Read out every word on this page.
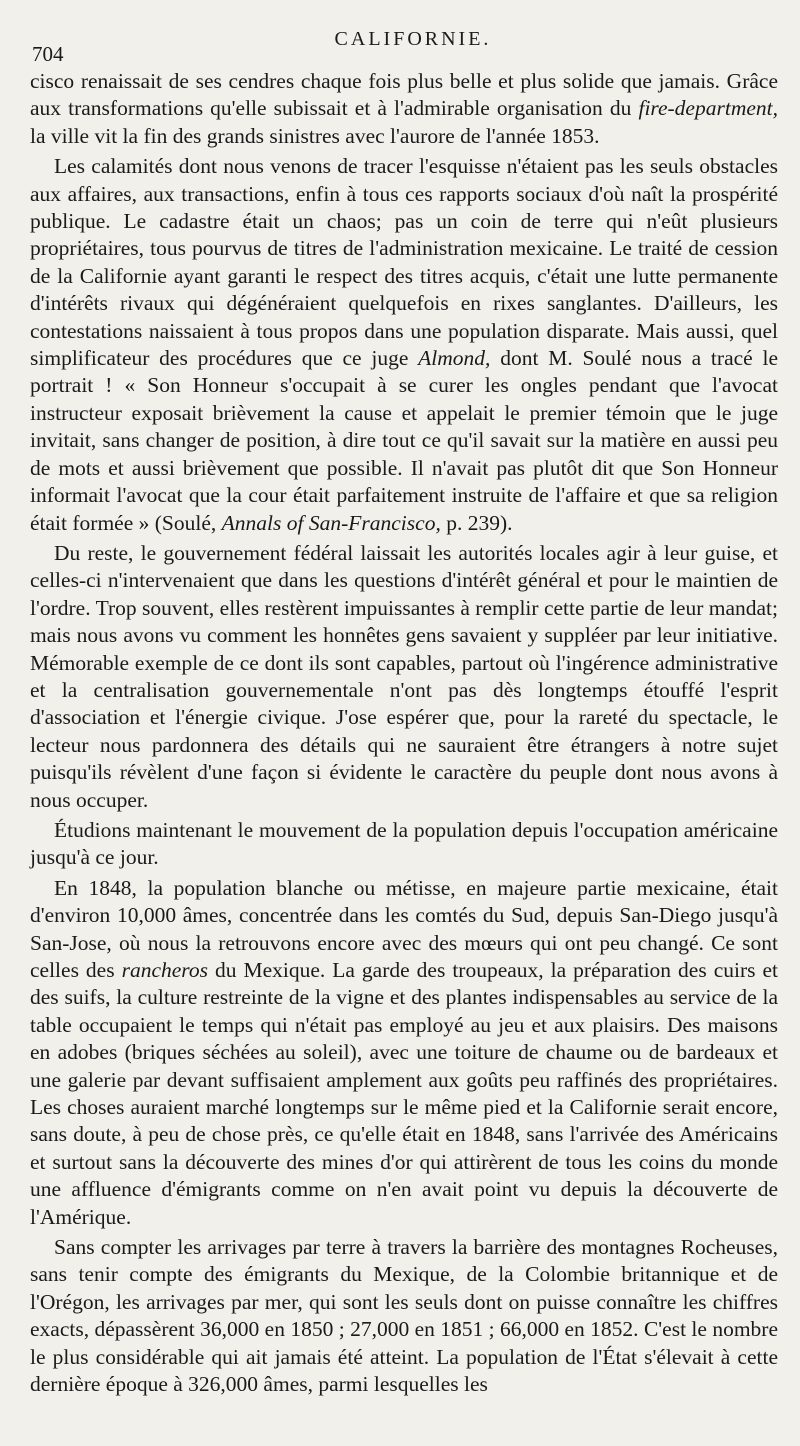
704
CALIFORNIE.

cisco renaissait de ses cendres chaque fois plus belle et plus solide que jamais. Grâce aux transformations qu'elle subissait et à l'admirable organisation du fire-department, la ville vit la fin des grands sinistres avec l'aurore de l'année 1853.

Les calamités dont nous venons de tracer l'esquisse n'étaient pas les seuls obstacles aux affaires, aux transactions, enfin à tous ces rapports sociaux d'où naît la prospérité publique. Le cadastre était un chaos; pas un coin de terre qui n'eût plusieurs propriétaires, tous pourvus de titres de l'administration mexicaine. Le traité de cession de la Californie ayant garanti le respect des titres acquis, c'était une lutte permanente d'intérêts rivaux qui dégénéraient quelquefois en rixes sanglantes. D'ailleurs, les contestations naissaient à tous propos dans une population disparate. Mais aussi, quel simplificateur des procédures que ce juge Almond, dont M. Soulé nous a tracé le portrait ! « Son Honneur s'occupait à se curer les ongles pendant que l'avocat instructeur exposait brièvement la cause et appelait le premier témoin que le juge invitait, sans changer de position, à dire tout ce qu'il savait sur la matière en aussi peu de mots et aussi brièvement que possible. Il n'avait pas plutôt dit que Son Honneur informait l'avocat que la cour était parfaitement instruite de l'affaire et que sa religion était formée » (Soulé, Annals of San-Francisco, p. 239).

Du reste, le gouvernement fédéral laissait les autorités locales agir à leur guise, et celles-ci n'intervenaient que dans les questions d'intérêt général et pour le maintien de l'ordre. Trop souvent, elles restèrent impuissantes à remplir cette partie de leur mandat; mais nous avons vu comment les honnêtes gens savaient y suppléer par leur initiative. Mémorable exemple de ce dont ils sont capables, partout où l'ingérence administrative et la centralisation gouvernementale n'ont pas dès longtemps étouffé l'esprit d'association et l'énergie civique. J'ose espérer que, pour la rareté du spectacle, le lecteur nous pardonnera des détails qui ne sauraient être étrangers à notre sujet puisqu'ils révèlent d'une façon si évidente le caractère du peuple dont nous avons à nous occuper.

Étudions maintenant le mouvement de la population depuis l'occupation américaine jusqu'à ce jour.

En 1848, la population blanche ou métisse, en majeure partie mexicaine, était d'environ 10,000 âmes, concentrée dans les comtés du Sud, depuis San-Diego jusqu'à San-Jose, où nous la retrouvons encore avec des mœurs qui ont peu changé. Ce sont celles des rancheros du Mexique. La garde des troupeaux, la préparation des cuirs et des suifs, la culture restreinte de la vigne et des plantes indispensables au service de la table occupaient le temps qui n'était pas employé au jeu et aux plaisirs. Des maisons en adobes (briques séchées au soleil), avec une toiture de chaume ou de bardeaux et une galerie par devant suffisaient amplement aux goûts peu raffinés des propriétaires. Les choses auraient marché longtemps sur le même pied et la Californie serait encore, sans doute, à peu de chose près, ce qu'elle était en 1848, sans l'arrivée des Américains et surtout sans la découverte des mines d'or qui attirèrent de tous les coins du monde une affluence d'émigrants comme on n'en avait point vu depuis la découverte de l'Amérique.

Sans compter les arrivages par terre à travers la barrière des montagnes Rocheuses, sans tenir compte des émigrants du Mexique, de la Colombie britannique et de l'Orégon, les arrivages par mer, qui sont les seuls dont on puisse connaître les chiffres exacts, dépassèrent 36,000 en 1850 ; 27,000 en 1851 ; 66,000 en 1852. C'est le nombre le plus considérable qui ait jamais été atteint. La population de l'État s'élevait à cette dernière époque à 326,000 âmes, parmi lesquelles les
